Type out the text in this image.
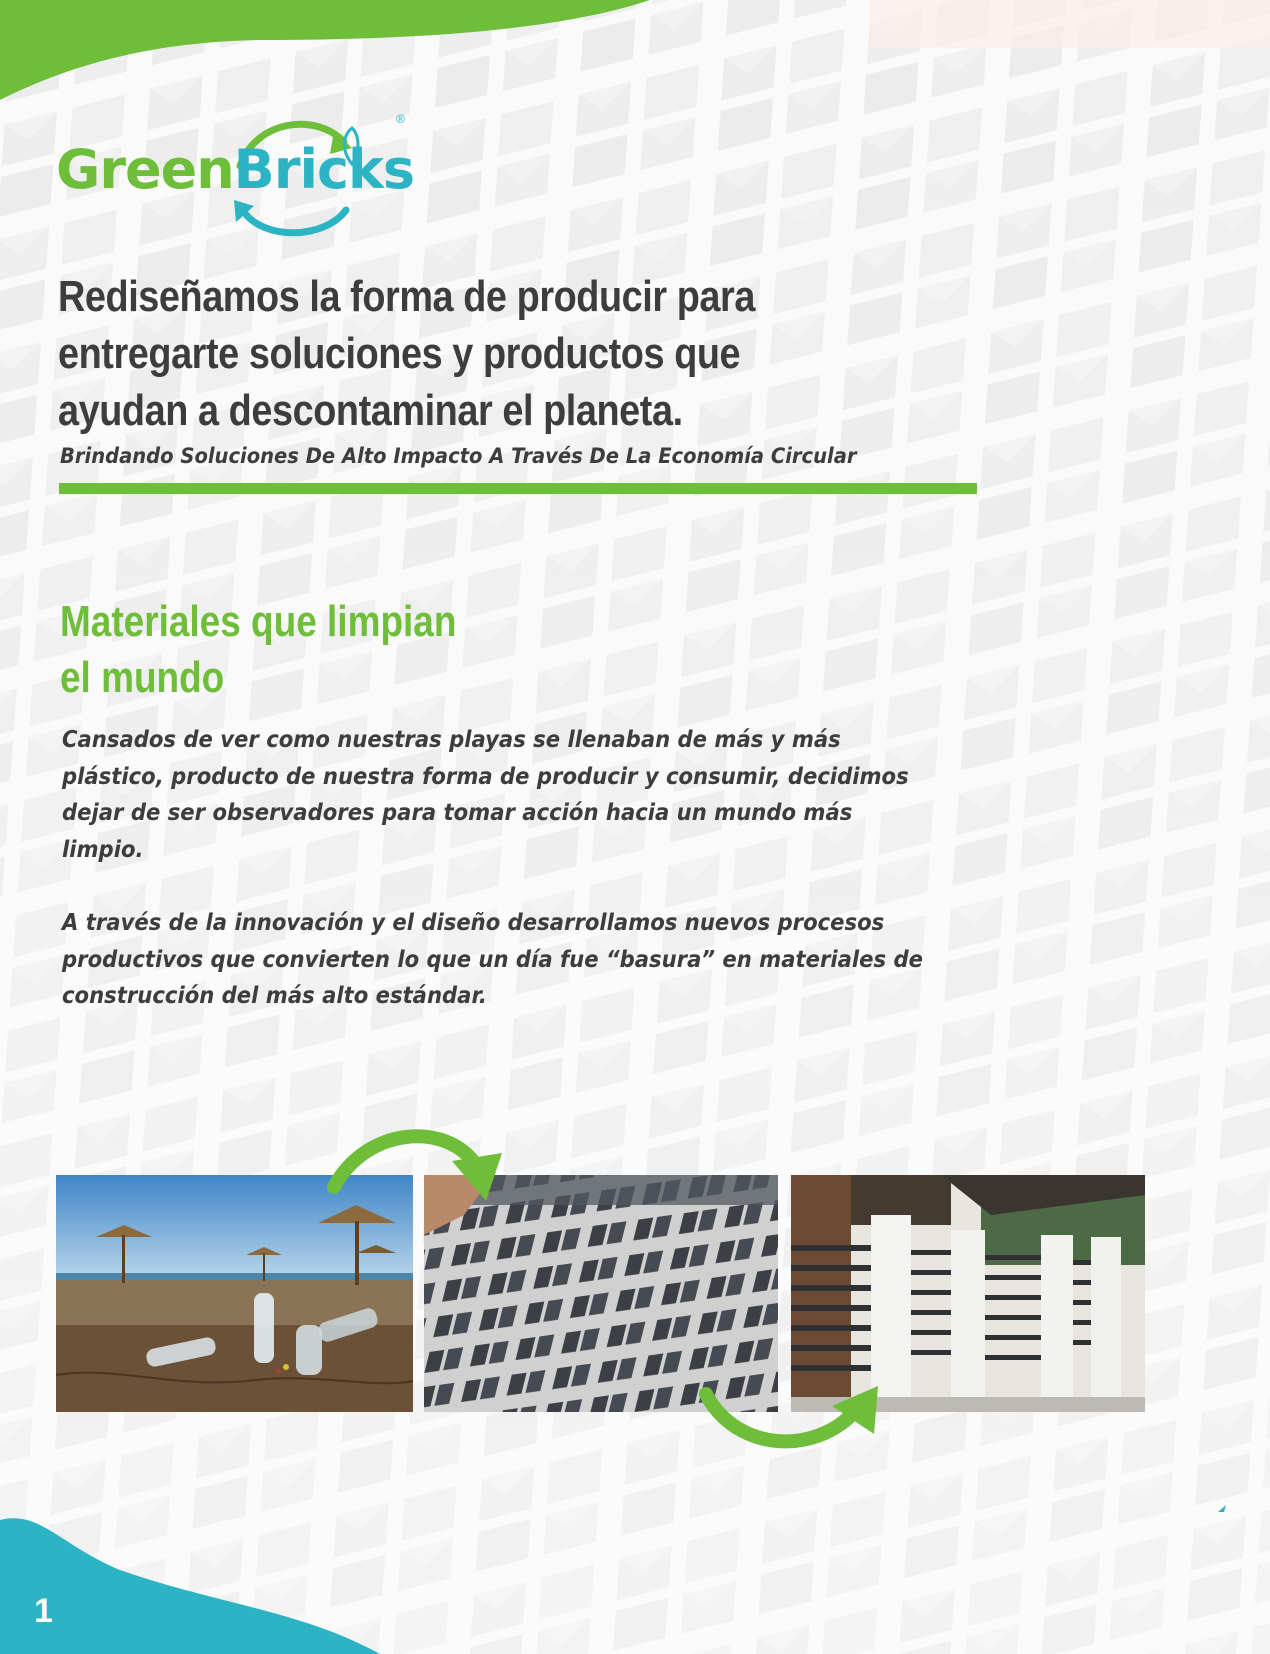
GreenBricks
®
Rediseñamos la forma de producir para entregarte soluciones y productos que ayudan a descontaminar el planeta.

Brindando Soluciones De Alto Impacto A Través De La Economía Circular

Materiales que limpian el mundo

Cansados de ver como nuestras playas se llenaban de más y más plástico, producto de nuestra forma de producir y consumir, decidimos dejar de ser observadores para tomar acción hacia un mundo más limpio.

A través de la innovación y el diseño desarrollamos nuevos procesos productivos que convierten lo que un día fue “basura” en materiales de construcción del más alto estándar.

1
